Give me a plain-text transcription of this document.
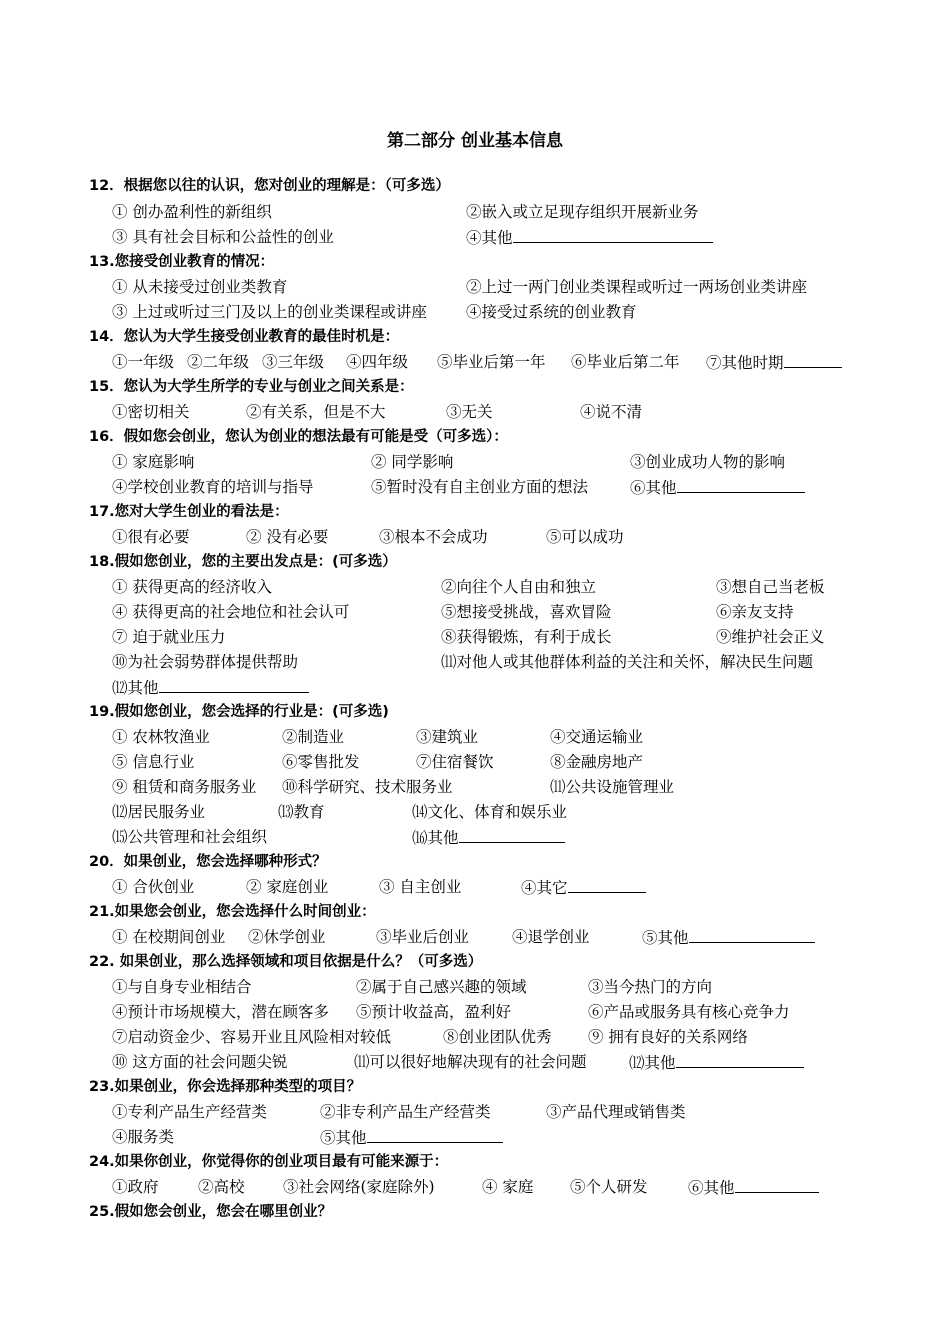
第二部分 创业基本信息
12．根据您以往的认识，您对创业的理解是：（可多选）
① 创办盈利性的新组织	②嵌入或立足现存组织开展新业务
③ 具有社会目标和公益性的创业	④其他
13.您接受创业教育的情况：
① 从未接受过创业类教育	②上过一两门创业类课程或听过一两场创业类讲座
③ 上过或听过三门及以上的创业类课程或讲座	④接受过系统的创业教育
14．您认为大学生接受创业教育的最佳时机是：
①一年级 ②二年级 ③三年级 ④四年级 ⑤毕业后第一年 ⑥毕业后第二年 ⑦其他时期
15．您认为大学生所学的专业与创业之间关系是：
①密切相关	②有关系，但是不大	③无关	④说不清
16．假如您会创业，您认为创业的想法最有可能是受（可多选）：
① 家庭影响	② 同学影响	③创业成功人物的影响
④学校创业教育的培训与指导	⑤暂时没有自主创业方面的想法	⑥其他
17.您对大学生创业的看法是：
①很有必要	② 没有必要	③根本不会成功	⑤可以成功
18.假如您创业，您的主要出发点是：(可多选）
① 获得更高的经济收入	②向往个人自由和独立	③想自己当老板
④ 获得更高的社会地位和社会认可	⑤想接受挑战，喜欢冒险	⑥亲友支持
⑦ 迫于就业压力	⑧获得锻炼，有利于成长	⑨维护社会正义
⑩为社会弱势群体提供帮助	⑾对他人或其他群体利益的关注和关怀，解决民生问题
⑿其他
19.假如您创业，您会选择的行业是：(可多选)
① 农林牧渔业	②制造业	③建筑业	④交通运输业
⑤ 信息行业	⑥零售批发	⑦住宿餐饮	⑧金融房地产
⑨ 租赁和商务服务业 ⑩科学研究、技术服务业	⑾公共设施管理业
⑿居民服务业	⒀教育	⒁文化、体育和娱乐业
⒂公共管理和社会组织	⒃其他
20．如果创业，您会选择哪种形式？
① 合伙创业	② 家庭创业	③ 自主创业	④其它
21.如果您会创业，您会选择什么时间创业：
① 在校期间创业 ②休学创业	③毕业后创业	④退学创业	⑤其他
22. 如果创业，那么选择领域和项目依据是什么？（可多选）
①与自身专业相结合	②属于自己感兴趣的领域	③当今热门的方向
④预计市场规模大，潜在顾客多 ⑤预计收益高，盈利好	⑥产品或服务具有核心竞争力
⑦启动资金少、容易开业且风险相对较低	⑧创业团队优秀 ⑨ 拥有良好的关系网络
⑩ 这方面的社会问题尖锐	⑾可以很好地解决现有的社会问题	⑿其他
23.如果创业，你会选择那种类型的项目？
①专利产品生产经营类	②非专利产品生产经营类	③产品代理或销售类
④服务类	⑤其他
24.如果你创业，你觉得你的创业项目最有可能来源于：
①政府	②高校 ③社会网络(家庭除外)	④ 家庭 ⑤个人研发	⑥其他
25.假如您会创业，您会在哪里创业？
